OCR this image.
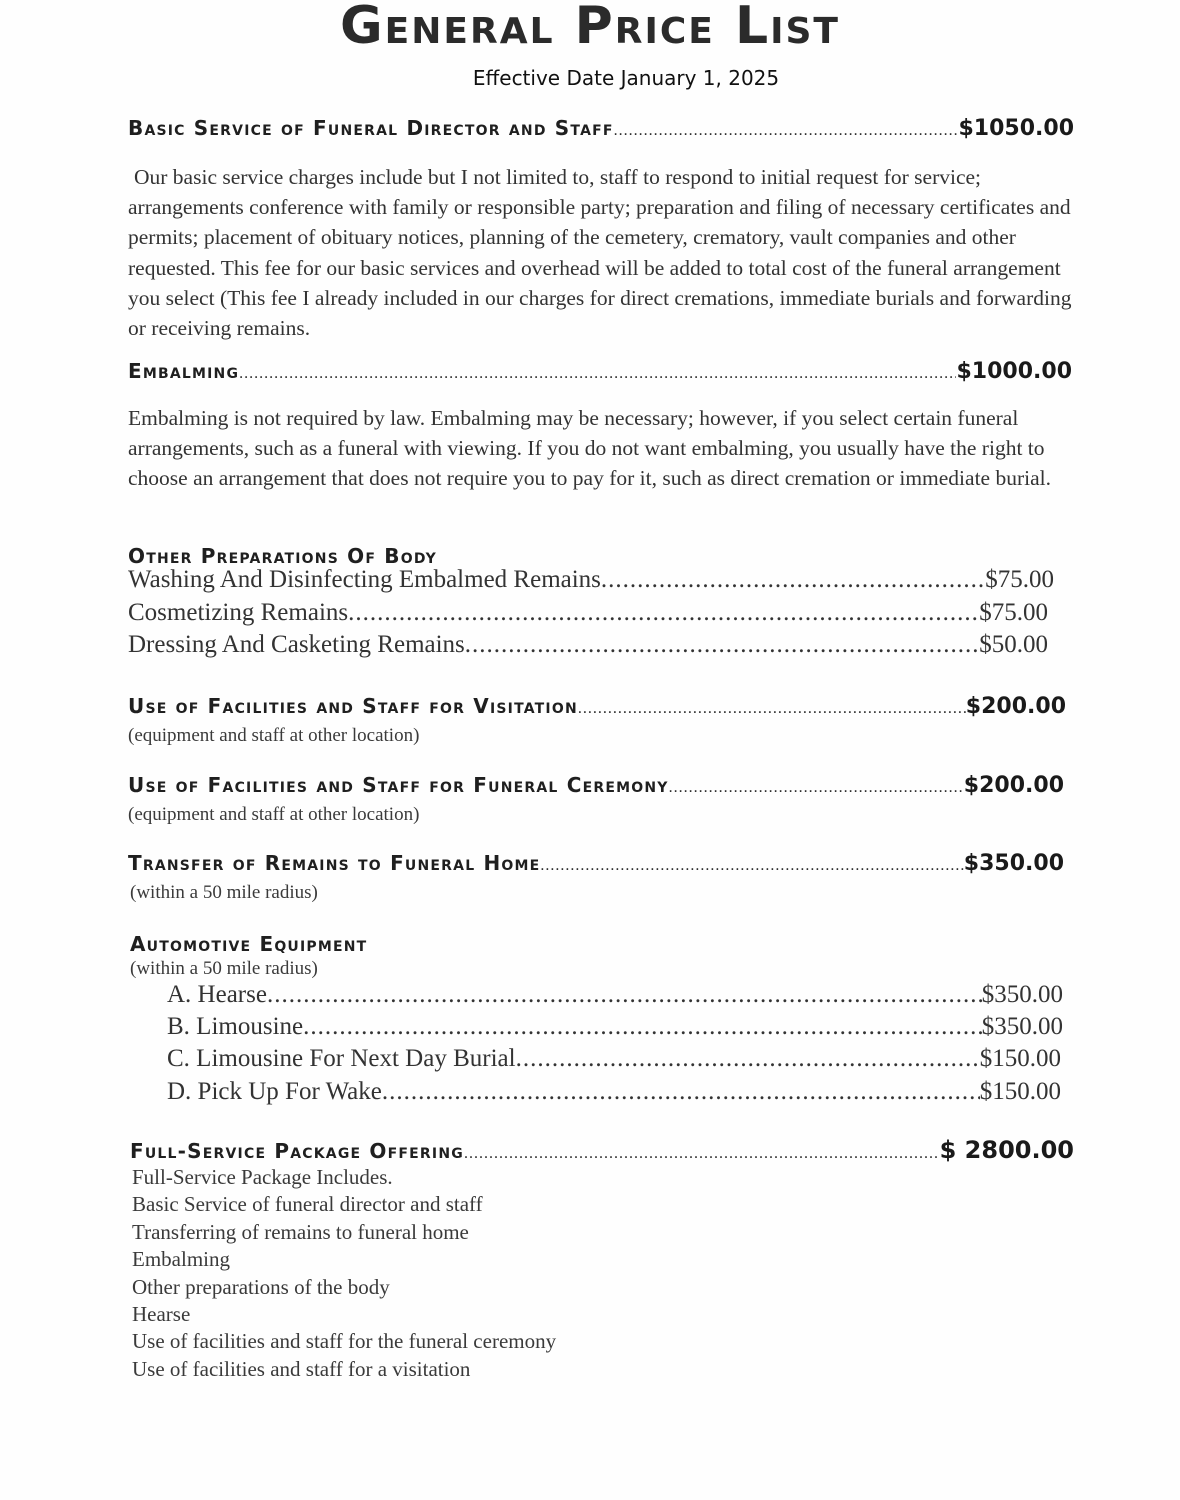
General Price List
Effective Date January 1, 2025
Basic Service of Funeral Director and Staff .....	$1050.00
Our basic service charges include but I not limited to, staff to respond to initial request for service; arrangements conference with family or responsible party; preparation and filing of necessary certificates and permits; placement of obituary notices, planning of the cemetery, crematory, vault companies and other requested. This fee for our basic services and overhead will be added to total cost of the funeral arrangement you select (This fee I already included in our charges for direct cremations, immediate burials and forwarding or receiving remains.
Embalming .....	$1000.00
Embalming is not required by law. Embalming may be necessary; however, if you select certain funeral arrangements, such as a funeral with viewing. If you do not want embalming, you usually have the right to choose an arrangement that does not require you to pay for it, such as direct cremation or immediate burial.
Other Preparations Of Body
Washing And Disinfecting Embalmed Remains .....	$75.00
Cosmetizing Remains .....	$75.00
Dressing And Casketing Remains .....	$50.00
Use of Facilities and Staff for Visitation .....	$200.00
(equipment and staff at other location)
Use of Facilities and Staff for Funeral Ceremony .....	$200.00
(equipment and staff at other location)
Transfer of Remains to Funeral Home .....	$350.00
(within a 50 mile radius)
Automotive Equipment
(within a 50 mile radius)
A. Hearse .....	$350.00
B. Limousine .....	$350.00
C. Limousine For Next Day Burial .....	$150.00
D. Pick Up For Wake .....	$150.00
Full-Service Package Offering .....	$ 2800.00
Full-Service Package Includes.
Basic Service of funeral director and staff
Transferring of remains to funeral home
Embalming
Other preparations of the body
Hearse
Use of facilities and staff for the funeral ceremony
Use of facilities and staff for a visitation
